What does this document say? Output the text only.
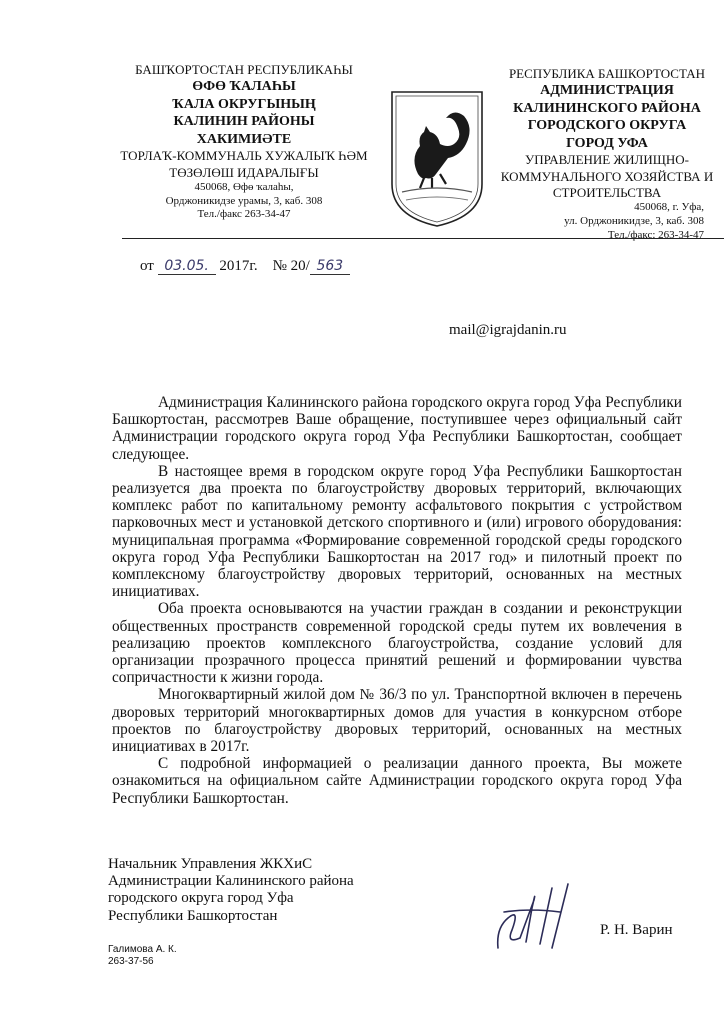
БАШҠОРТОСТАН РЕСПУБЛИКАҺЫ
ӨФӨ ҠАЛАҺЫ
ҠАЛА ОКРУГЫНЫҢ
КАЛИНИН РАЙОНЫ
ХАКИМИӘТЕ
ТОРЛАҠ-КОММУНАЛЬ ХУЖАЛЫҠ ҺӘМ
ТӨЗӨЛӨШ ИДАРАЛЫҒЫ
450068, Өфө ҡалаһы,
Орджоникидзе урамы, 3, каб. 308
Тел./факс 263-34-47
РЕСПУБЛИКА БАШКОРТОСТАН
АДМИНИСТРАЦИЯ
КАЛИНИНСКОГО РАЙОНА
ГОРОДСКОГО ОКРУГА
ГОРОД УФА
УПРАВЛЕНИЕ ЖИЛИЩНО-
КОММУНАЛЬНОГО ХОЗЯЙСТВА И
СТРОИТЕЛЬСТВА
450068, г. Уфа,
ул. Орджоникидзе, 3, каб. 308
Тел./факс: 263-34-47
от 03.05. 2017г. № 20/ 563
mail@igrajdanin.ru

Администрация Калининского района городского округа город Уфа Республики Башкортостан, рассмотрев Ваше обращение, поступившее через официальный сайт Администрации городского округа город Уфа Республики Башкортостан, сообщает следующее.

В настоящее время в городском округе город Уфа Республики Башкортостан реализуется два проекта по благоустройству дворовых территорий, включающих комплекс работ по капитальному ремонту асфальтового покрытия с устройством парковочных мест и установкой детского спортивного и (или) игрового оборудования: муниципальная программа «Формирование современной городской среды городского округа город Уфа Республики Башкортостан на 2017 год» и пилотный проект по комплексному благоустройству дворовых территорий, основанных на местных инициативах.

Оба проекта основываются на участии граждан в создании и реконструкции общественных пространств современной городской среды путем их вовлечения в реализацию проектов комплексного благоустройства, создание условий для организации прозрачного процесса принятий решений и формировании чувства сопричастности к жизни города.

Многоквартирный жилой дом № 36/3 по ул. Транспортной включен в перечень дворовых территорий многоквартирных домов для участия в конкурсном отборе проектов по благоустройству дворовых территорий, основанных на местных инициативах в 2017г.

С подробной информацией о реализации данного проекта, Вы можете ознакомиться на официальном сайте Администрации городского округа город Уфа Республики Башкортостан.

Начальник Управления ЖКХиС
Администрации Калининского района
городского округа город Уфа
Республики Башкортостан
Р. Н. Варин
Галимова А. К.
263-37-56
